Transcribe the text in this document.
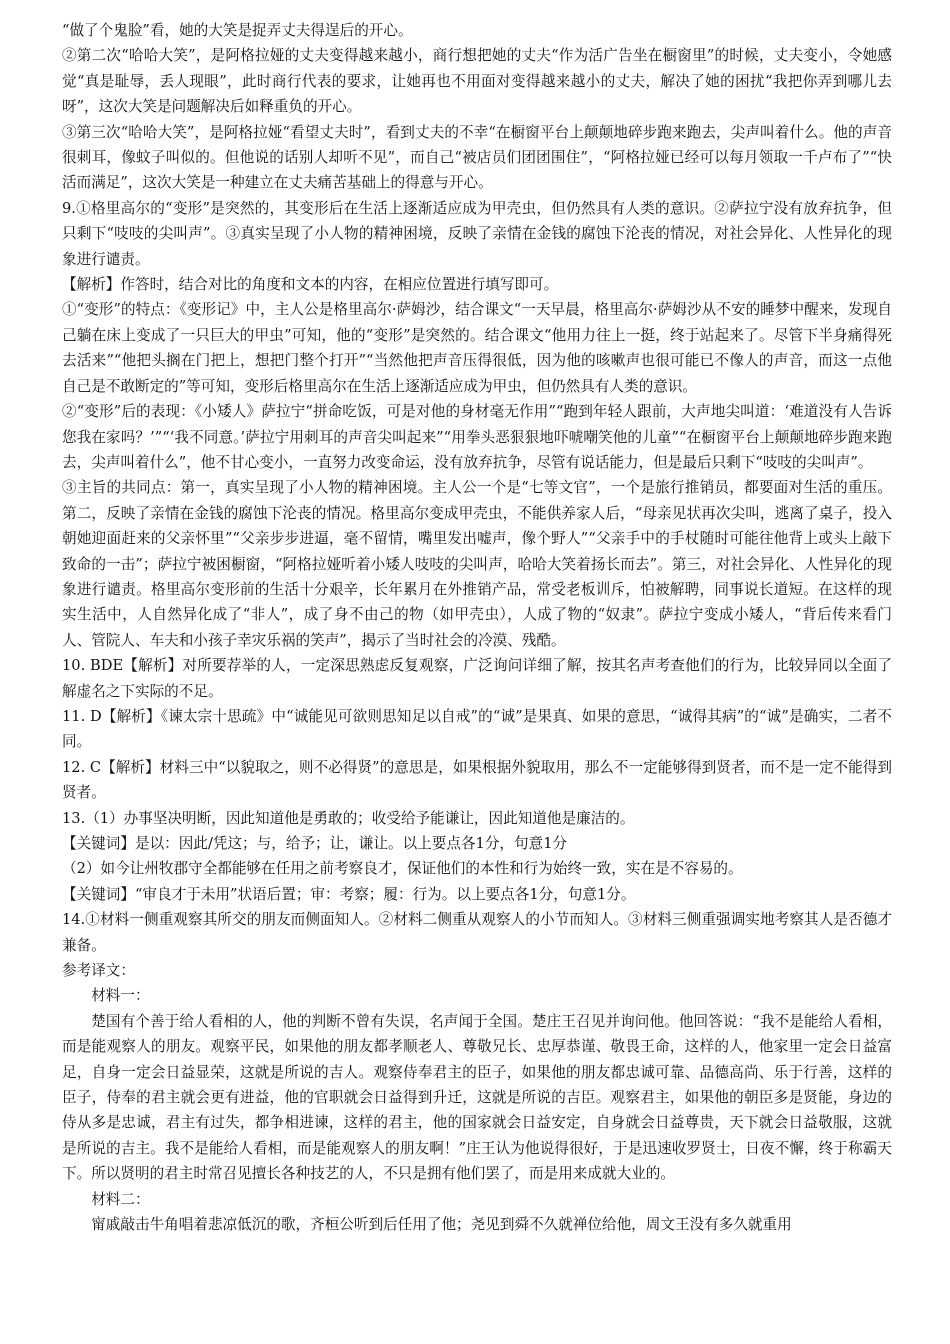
“做了个鬼脸”看，她的大笑是捉弄丈夫得逞后的开心。

②第二次“哈哈大笑”，是阿格拉娅的丈夫变得越来越小，商行想把她的丈夫“作为活广告坐在橱窗里”的时候，丈夫变小，令她感觉“真是耻辱，丢人现眼”，此时商行代表的要求，让她再也不用面对变得越来越小的丈夫，解决了她的困扰“我把你弄到哪儿去呀”，这次大笑是问题解决后如释重负的开心。

③第三次“哈哈大笑”，是阿格拉娅“看望丈夫时”，看到丈夫的不幸“在橱窗平台上颠颠地碎步跑来跑去，尖声叫着什么。他的声音很刺耳，像蚊子叫似的。但他说的话别人却听不见”，而自己“被店员们团团围住”，“阿格拉娅已经可以每月领取一千卢布了”“快活而满足”，这次大笑是一种建立在丈夫痛苦基础上的得意与开心。

9.①格里高尔的“变形”是突然的，其变形后在生活上逐渐适应成为甲壳虫，但仍然具有人类的意识。②萨拉宁没有放弃抗争，但只剩下“吱吱的尖叫声”。③真实呈现了小人物的精神困境，反映了亲情在金钱的腐蚀下沦丧的情况，对社会异化、人性异化的现象进行谴责。

【解析】作答时，结合对比的角度和文本的内容，在相应位置进行填写即可。

①“变形”的特点：《变形记》中，主人公是格里高尔·萨姆沙，结合课文“一天早晨，格里高尔·萨姆沙从不安的睡梦中醒来，发现自己躺在床上变成了一只巨大的甲虫”可知，他的“变形”是突然的。结合课文“他用力往上一挺，终于站起来了。尽管下半身痛得死去活来”“他把头搁在门把上，想把门整个打开”“当然他把声音压得很低，因为他的咳嗽声也很可能已不像人的声音，而这一点他自己是不敢断定的”等可知，变形后格里高尔在生活上逐渐适应成为甲虫，但仍然具有人类的意识。

②“变形”后的表现：《小矮人》萨拉宁“拼命吃饭，可是对他的身材毫无作用”“跑到年轻人跟前，大声地尖叫道：‘难道没有人告诉您我在家吗？’”“‘我不同意。’萨拉宁用刺耳的声音尖叫起来”“用拳头恶狠狠地吓唬嘲笑他的儿童”“在橱窗平台上颠颠地碎步跑来跑去，尖声叫着什么”，他不甘心变小，一直努力改变命运，没有放弃抗争，尽管有说话能力，但是最后只剩下“吱吱的尖叫声”。

③主旨的共同点：第一，真实呈现了小人物的精神困境。主人公一个是“七等文官”，一个是旅行推销员，都要面对生活的重压。第二，反映了亲情在金钱的腐蚀下沦丧的情况。格里高尔变成甲壳虫，不能供养家人后，“母亲见状再次尖叫，逃离了桌子，投入朝她迎面赶来的父亲怀里”“父亲步步进逼，毫不留情，嘴里发出嘘声，像个野人”“父亲手中的手杖随时可能往他背上或头上敲下致命的一击”；萨拉宁被困橱窗，“阿格拉娅听着小矮人吱吱的尖叫声，哈哈大笑着扬长而去”。第三，对社会异化、人性异化的现象进行谴责。格里高尔变形前的生活十分艰辛，长年累月在外推销产品，常受老板训斥，怕被解聘，同事说长道短。在这样的现实生活中，人自然异化成了“非人”，成了身不由己的物（如甲壳虫），人成了物的“奴隶”。萨拉宁变成小矮人，“背后传来看门人、管院人、车夫和小孩子幸灾乐祸的笑声”，揭示了当时社会的冷漠、残酷。

10. BDE【解析】对所要荐举的人，一定深思熟虑反复观察，广泛询问详细了解，按其名声考查他们的行为，比较异同以全面了解虚名之下实际的不足。

11. D【解析】《谏太宗十思疏》中“诚能见可欲则思知足以自戒”的“诚”是果真、如果的意思，“诚得其病”的“诚”是确实，二者不同。

12. C【解析】材料三中“以貌取之，则不必得贤”的意思是，如果根据外貌取用，那么不一定能够得到贤者，而不是一定不能得到贤者。

13.（1）办事坚决明断，因此知道他是勇敢的；收受给予能谦让，因此知道他是廉洁的。

【关键词】是以：因此/凭这；与，给予；让，谦让。以上要点各1分，句意1分

（2）如今让州牧郡守全都能够在任用之前考察良才，保证他们的本性和行为始终一致，实在是不容易的。

【关键词】“审良才于未用”状语后置；审：考察；履：行为。以上要点各1分，句意1分。

14.①材料一侧重观察其所交的朋友而侧面知人。②材料二侧重从观察人的小节而知人。③材料三侧重强调实地考察其人是否德才兼备。

参考译文：

材料一：

楚国有个善于给人看相的人，他的判断不曾有失误，名声闻于全国。楚庄王召见并询问他。他回答说：“我不是能给人看相，而是能观察人的朋友。观察平民，如果他的朋友都孝顺老人、尊敬兄长、忠厚恭谨、敬畏王命，这样的人，他家里一定会日益富足，自身一定会日益显荣，这就是所说的吉人。观察侍奉君主的臣子，如果他的朋友都忠诚可靠、品德高尚、乐于行善，这样的臣子，侍奉的君主就会更有进益，他的官职就会日益得到升迁，这就是所说的吉臣。观察君主，如果他的朝臣多是贤能，身边的侍从多是忠诚，君主有过失，都争相进谏，这样的君主，他的国家就会日益安定，自身就会日益尊贵，天下就会日益敬服，这就是所说的吉主。我不是能给人看相，而是能观察人的朋友啊！”庄王认为他说得很好，于是迅速收罗贤士，日夜不懈，终于称霸天下。所以贤明的君主时常召见擅长各种技艺的人，不只是拥有他们罢了，而是用来成就大业的。

材料二：

甯戚敲击牛角唱着悲凉低沉的歌，齐桓公听到后任用了他；尧见到舜不久就禅位给他，周文王没有多久就重用
